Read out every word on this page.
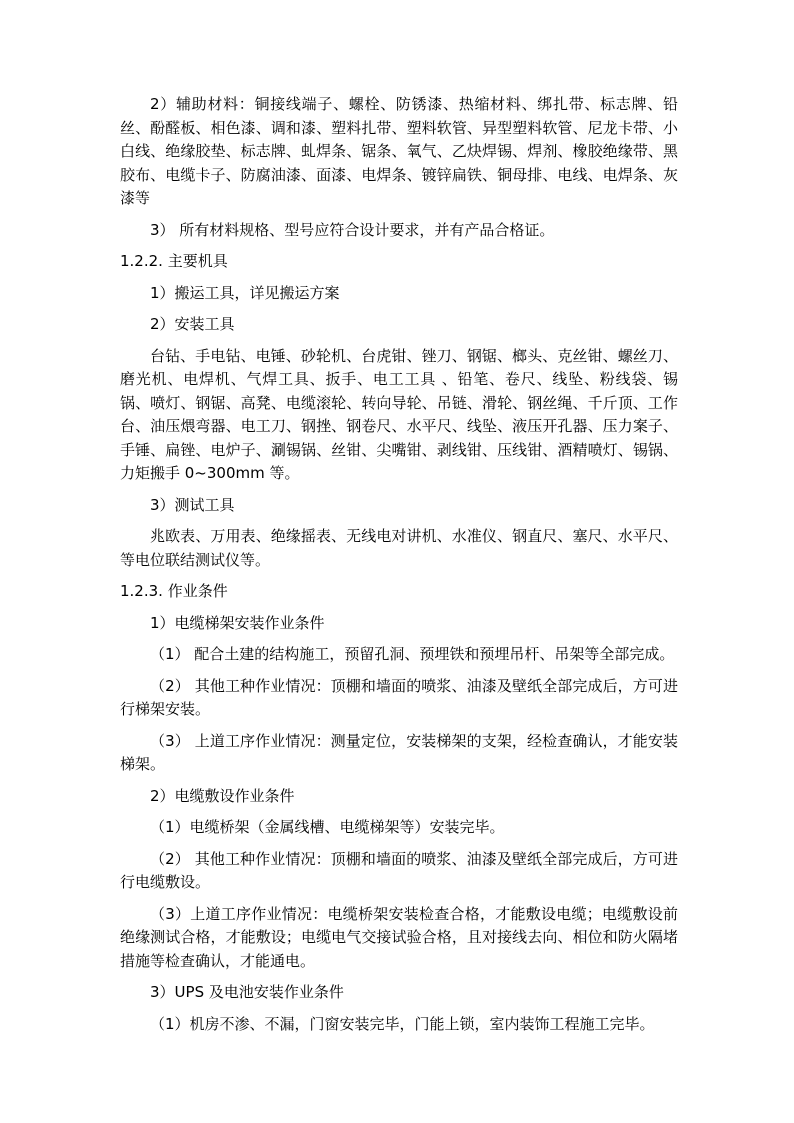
2）辅助材料：铜接线端子、螺栓、防锈漆、热缩材料、绑扎带、标志牌、铅丝、酚醛板、相色漆、调和漆、塑料扎带、塑料软管、异型塑料软管、尼龙卡带、小白线、绝缘胶垫、标志牌、虬焊条、锯条、氧气、乙炔焊锡、焊剂、橡胶绝缘带、黑胶布、电缆卡子、防腐油漆、面漆、电焊条、镀锌扁铁、铜母排、电线、电焊条、灰漆等

3） 所有材料规格、型号应符合设计要求，并有产品合格证。

1.2.2. 主要机具

1）搬运工具，详见搬运方案

2）安装工具

台钻、手电钻、电锤、砂轮机、台虎钳、锉刀、钢锯、榔头、克丝钳、螺丝刀、磨光机、电焊机、气焊工具、扳手、电工工具 、铅笔、卷尺、线坠、粉线袋、锡锅、喷灯、钢锯、高凳、电缆滚轮、转向导轮、吊链、滑轮、钢丝绳、千斤顶、工作台、油压煨弯器、电工刀、钢挫、钢卷尺、水平尺、线坠、液压开孔器、压力案子、手锤、扁锉、电炉子、涮锡锅、丝钳、尖嘴钳、剥线钳、压线钳、酒精喷灯、锡锅、力矩搬手 0~300mm 等。

3）测试工具

兆欧表、万用表、绝缘摇表、无线电对讲机、水准仪、钢直尺、塞尺、水平尺、等电位联结测试仪等。

1.2.3. 作业条件

1）电缆梯架安装作业条件

（1） 配合土建的结构施工，预留孔洞、预埋铁和预埋吊杆、吊架等全部完成。

（2） 其他工种作业情况：顶棚和墙面的喷浆、油漆及壁纸全部完成后，方可进行梯架安装。

（3） 上道工序作业情况：测量定位，安装梯架的支架，经检查确认，才能安装梯架。

2）电缆敷设作业条件

（1）电缆桥架（金属线槽、电缆梯架等）安装完毕。

（2） 其他工种作业情况：顶棚和墙面的喷浆、油漆及壁纸全部完成后，方可进行电缆敷设。

（3）上道工序作业情况：电缆桥架安装检查合格，才能敷设电缆；电缆敷设前绝缘测试合格，才能敷设；电缆电气交接试验合格，且对接线去向、相位和防火隔堵措施等检查确认，才能通电。

3）UPS 及电池安装作业条件

（1）机房不渗、不漏，门窗安装完毕，门能上锁，室内装饰工程施工完毕。
